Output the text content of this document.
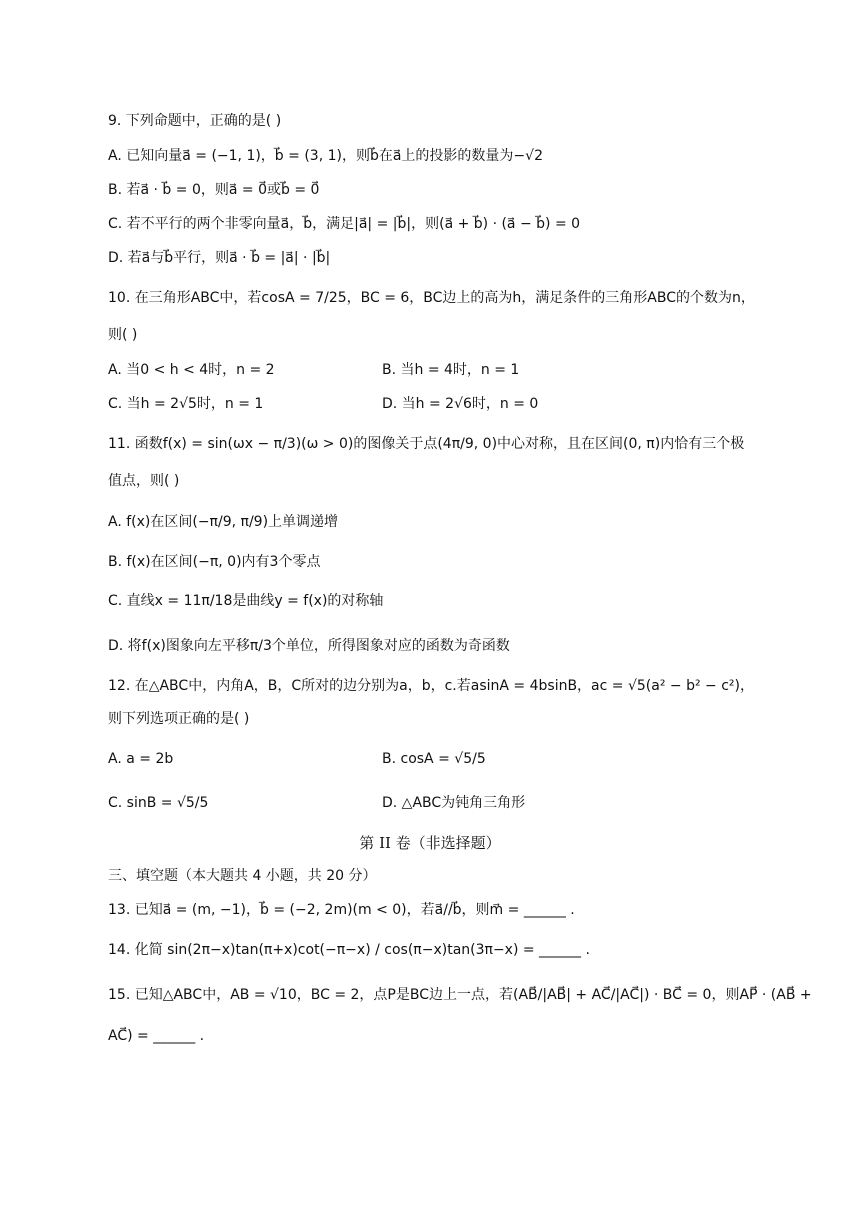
9. 下列命题中，正确的是( )
A. 已知向量a⃗ = (−1, 1)，b⃗ = (3, 1)，则b⃗在a⃗上的投影的数量为−√2
B. 若a⃗ · b⃗ = 0，则a⃗ = 0⃗或b⃗ = 0⃗
C. 若不平行的两个非零向量a⃗，b⃗，满足|a⃗| = |b⃗|，则(a⃗ + b⃗) · (a⃗ − b⃗) = 0
D. 若a⃗与b⃗平行，则a⃗ · b⃗ = |a⃗| · |b⃗|
10. 在三角形ABC中，若cosA = 7/25，BC = 6，BC边上的高为h，满足条件的三角形ABC的个数为n，
则( )
A. 当0 < h < 4时，n = 2	B. 当h = 4时，n = 1
C. 当h = 2√5时，n = 1	D. 当h = 2√6时，n = 0
11. 函数f(x) = sin(ωx − π/3)(ω > 0)的图像关于点(4π/9, 0)中心对称，且在区间(0, π)内恰有三个极
值点，则( )
A. f(x)在区间(−π/9, π/9)上单调递增
B. f(x)在区间(−π, 0)内有3个零点
C. 直线x = 11π/18是曲线y = f(x)的对称轴
D. 将f(x)图象向左平移π/3个单位，所得图象对应的函数为奇函数
12. 在△ABC中，内角A，B，C所对的边分别为a，b，c.若asinA = 4bsinB，ac = √5(a² − b² − c²)，
则下列选项正确的是( )
A. a = 2b	B. cosA = √5/5
C. sinB = √5/5	D. △ABC为钝角三角形
第 II 卷（非选择题）
三、填空题（本大题共 4 小题，共 20 分）
13. 已知a⃗ = (m, −1)，b⃗ = (−2, 2m)(m < 0)，若a⃗//b⃗，则m⃗ = ______ .
14. 化简 sin(2π−x)tan(π+x)cot(−π−x) / cos(π−x)tan(3π−x) = ______ .
15. 已知△ABC中，AB = √10，BC = 2，点P是BC边上一点，若(AB⃗/|AB⃗| + AC⃗/|AC⃗|) · BC⃗ = 0，则AP⃗ · (AB⃗ +
AC⃗) = ______ .
